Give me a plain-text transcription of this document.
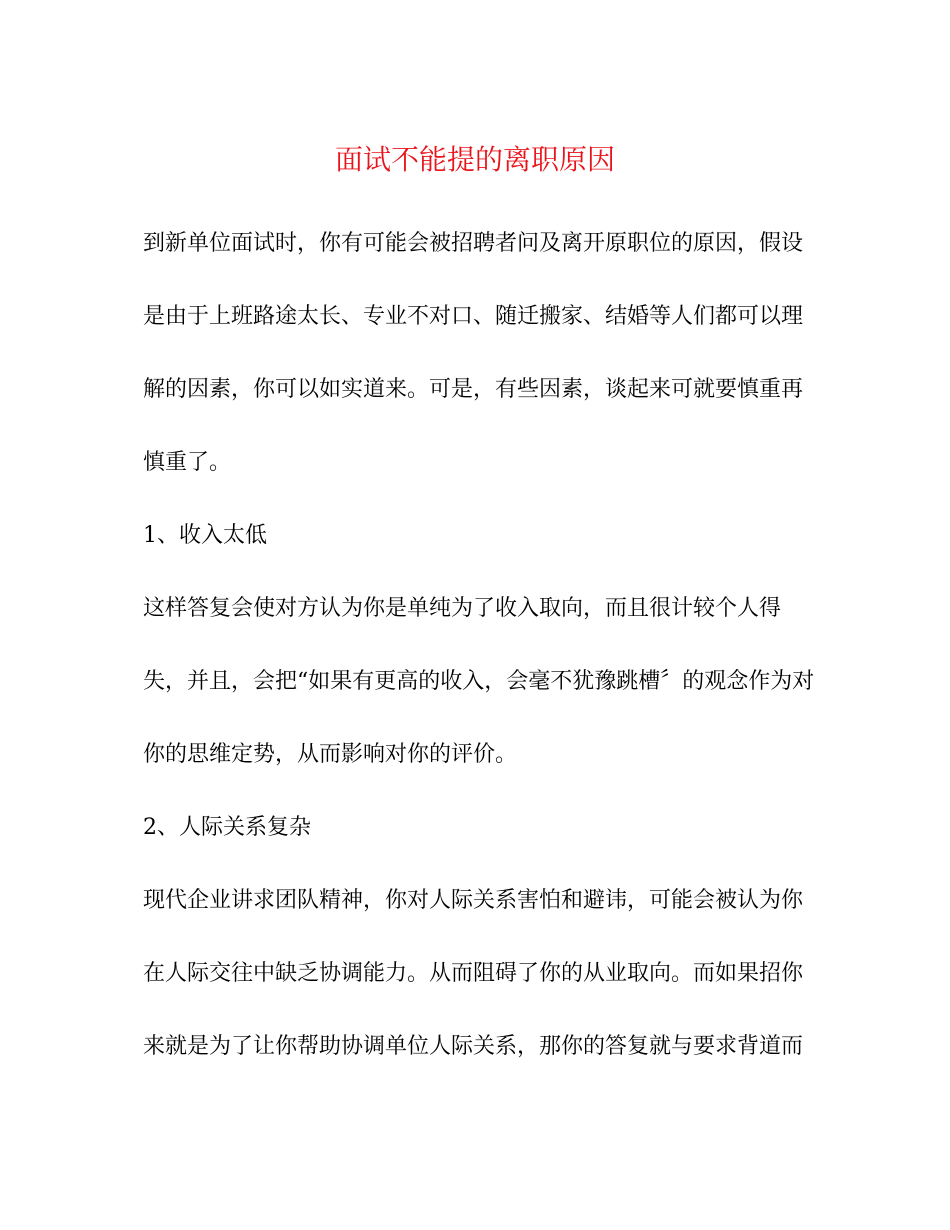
面试不能提的离职原因

到新单位面试时，你有可能会被招聘者问及离开原职位的原因，假设

是由于上班路途太长、专业不对口、随迁搬家、结婚等人们都可以理

解的因素，你可以如实道来。可是，有些因素，谈起来可就要慎重再

慎重了。

1、收入太低

这样答复会使对方认为你是单纯为了收入取向，而且很计较个人得

失，并且，会把“如果有更高的收入，会毫不犹豫跳槽〞的观念作为对

你的思维定势，从而影响对你的评价。

2、人际关系复杂

现代企业讲求团队精神，你对人际关系害怕和避讳，可能会被认为你

在人际交往中缺乏协调能力。从而阻碍了你的从业取向。而如果招你

来就是为了让你帮助协调单位人际关系，那你的答复就与要求背道而
